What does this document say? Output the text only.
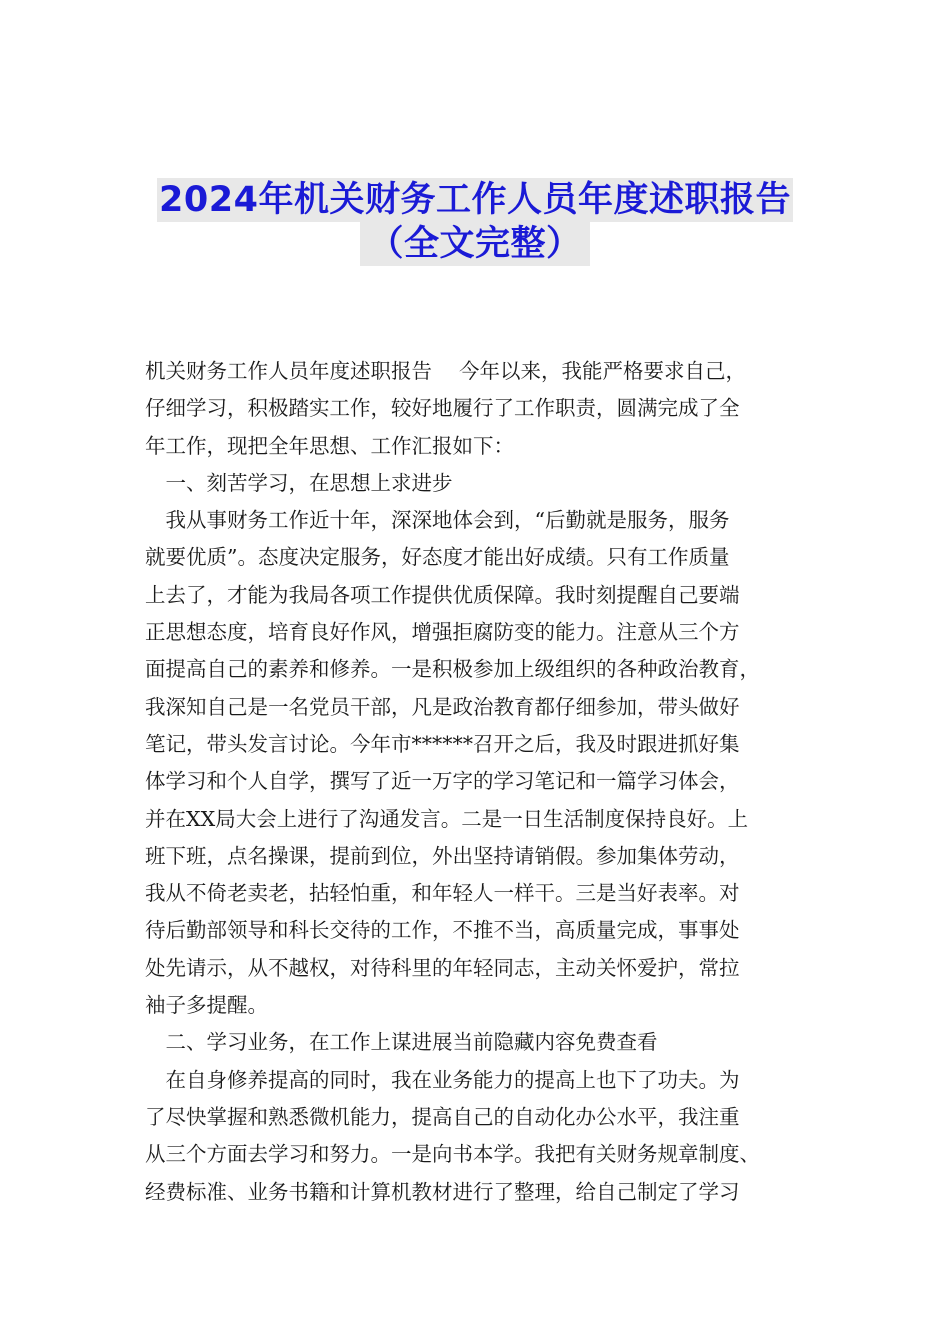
2024年机关财务工作人员年度述职报告
（全文完整）
机关财务工作人员年度述职报告　 今年以来，我能严格要求自己，
仔细学习，积极踏实工作，较好地履行了工作职责，圆满完成了全
年工作，现把全年思想、工作汇报如下：
　一、刻苦学习，在思想上求进步
　我从事财务工作近十年，深深地体会到，“后勤就是服务，服务
就要优质”。态度决定服务，好态度才能出好成绩。只有工作质量
上去了，才能为我局各项工作提供优质保障。我时刻提醒自己要端
正思想态度，培育良好作风，增强拒腐防变的能力。注意从三个方
面提高自己的素养和修养。一是积极参加上级组织的各种政治教育，
我深知自己是一名党员干部，凡是政治教育都仔细参加，带头做好
笔记，带头发言讨论。今年市******召开之后，我及时跟进抓好集
体学习和个人自学，撰写了近一万字的学习笔记和一篇学习体会，
并在XX局大会上进行了沟通发言。二是一日生活制度保持良好。上
班下班，点名操课，提前到位，外出坚持请销假。参加集体劳动，
我从不倚老卖老，拈轻怕重，和年轻人一样干。三是当好表率。对
待后勤部领导和科长交待的工作，不推不当，高质量完成，事事处
处先请示，从不越权，对待科里的年轻同志，主动关怀爱护，常拉
袖子多提醒。
　二、学习业务，在工作上谋进展当前隐藏内容免费查看
　在自身修养提高的同时，我在业务能力的提高上也下了功夫。为
了尽快掌握和熟悉微机能力，提高自己的自动化办公水平，我注重
从三个方面去学习和努力。一是向书本学。我把有关财务规章制度、
经费标准、业务书籍和计算机教材进行了整理，给自己制定了学习
